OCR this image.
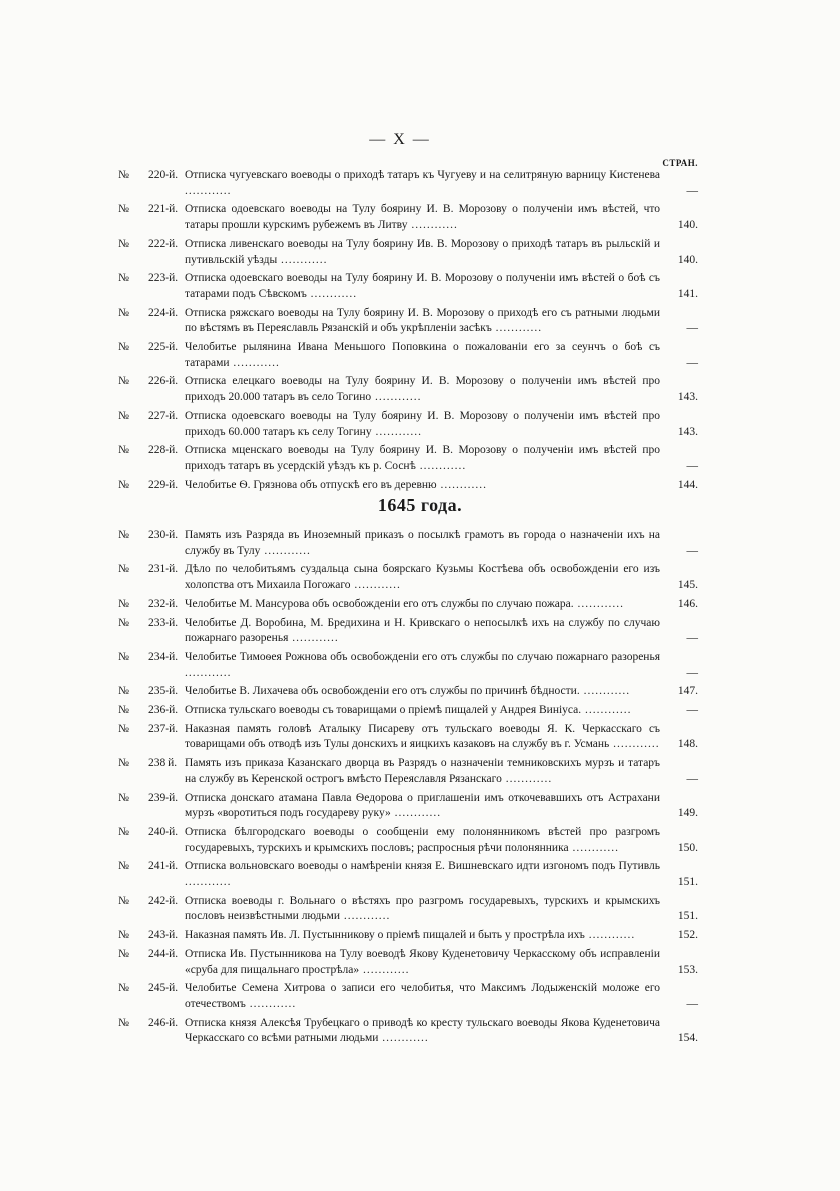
— X —
СТРАН.
№ 220-й. Отписка чугуевскаго воеводы о приходѣ татаръ къ Чугуеву и на селитряную варницу Кистенева ............	—
№ 221-й. Отписка одоевскаго воеводы на Тулу боярину И. В. Морозову о полученіи имъ вѣстей, что татары прошли курскимъ рубежемъ въ Литву ............	140.
№ 222-й. Отписка ливенскаго воеводы на Тулу боярину Ив. В. Морозову о приходѣ татаръ въ рыльскій и путивльскій уѣзды ............	140.
№ 223-й. Отписка одоевскаго воеводы на Тулу боярину И. В. Морозову о полученіи имъ вѣстей о боѣ съ татарами подъ Сѣвскомъ ............	141.
№ 224-й. Отписка ряжскаго воеводы на Тулу боярину И. В. Морозову о приходѣ его съ ратными людьми по вѣстямъ въ Переяславль Рязанскій и объ укрѣпленіи засѣкъ ............	—
№ 225-й. Челобитье рылянина Ивана Меньшого Поповкина о пожалованіи его за сеунчъ о боѣ съ татарами ............	—
№ 226-й. Отписка елецкаго воеводы на Тулу боярину И. В. Морозову о полученіи имъ вѣстей про приходъ 20.000 татаръ въ село Тогино ............	143.
№ 227-й. Отписка одоевскаго воеводы на Тулу боярину И. В. Морозову о полученіи имъ вѣстей про приходъ 60.000 татаръ къ селу Тогину ............	143.
№ 228-й. Отписка мценскаго воеводы на Тулу боярину И. В. Морозову о полученіи имъ вѣстей про приходъ татаръ въ усердскій уѣздъ къ р. Соснѣ ............	—
№ 229-й. Челобитье Ѳ. Грязнова объ отпускѣ его въ деревню ............	144.
1645 года.
№ 230-й. Память изъ Разряда въ Иноземный приказъ о посылкѣ грамотъ въ города о назначеніи ихъ на службу въ Тулу ............	—
№ 231-й. Дѣло по челобитьямъ суздальца сына боярскаго Кузьмы Костѣева объ освобожденіи его изъ холопства отъ Михаила Погожаго ............	145.
№ 232-й. Челобитье М. Мансурова объ освобожденіи его отъ службы по случаю пожара. ............	146.
№ 233-й. Челобитье Д. Воробина, М. Бредихина и Н. Кривскаго о непосылкѣ ихъ на службу по случаю пожарнаго разоренья ............	—
№ 234-й. Челобитье Тимоѳея Рожнова объ освобожденіи его отъ службы по случаю пожарнаго разоренья ............	—
№ 235-й. Челобитье В. Лихачева объ освобожденіи его отъ службы по причинѣ бѣдности. ............	147.
№ 236-й. Отписка тульскаго воеводы съ товарищами о пріемѣ пищалей у Андрея Виніуса. ............	—
№ 237-й. Наказная память головѣ Аталыку Писареву отъ тульскаго воеводы Я. К. Черкасскаго съ товарищами объ отводѣ изъ Тулы донскихъ и яицкихъ казаковъ на службу въ г. Усмань ............	148.
№ 238 й. Память изъ приказа Казанскаго дворца въ Разрядъ о назначеніи темниковскихъ мурзъ и татаръ на службу въ Керенской острогъ вмѣсто Переяславля Рязанскаго ............	—
№ 239-й. Отписка донскаго атамана Павла Ѳедорова о приглашеніи имъ откочевавшихъ отъ Астрахани мурзъ «воротиться подъ государеву руку» ............	149.
№ 240-й. Отписка бѣлгородскаго воеводы о сообщеніи ему полонянникомъ вѣстей про разгромъ государевыхъ, турскихъ и крымскихъ пословъ; распросныя рѣчи полонянника ............	150.
№ 241-й. Отписка вольновскаго воеводы о намѣреніи князя Е. Вишневскаго идти изгономъ подъ Путивль ............	151.
№ 242-й. Отписка воеводы г. Вольнаго о вѣстяхъ про разгромъ государевыхъ, турскихъ и крымскихъ пословъ неизвѣстными людьми ............	151.
№ 243-й. Наказная память Ив. Л. Пустынникову о пріемѣ пищалей и быть у прострѣла ихъ ............	152.
№ 244-й. Отписка Ив. Пустынникова на Тулу воеводѣ Якову Куденетовичу Черкасскому объ исправленіи «сруба для пищальнаго прострѣла» ............	153.
№ 245-й. Челобитье Семена Хитрова о записи его челобитья, что Максимъ Лодыженскій моложе его отечествомъ ............	—
№ 246-й. Отписка князя Алексѣя Трубецкаго о приводѣ ко кресту тульскаго воеводы Якова Куденетовича Черкасскаго со всѣми ратными людьми ............	154.
